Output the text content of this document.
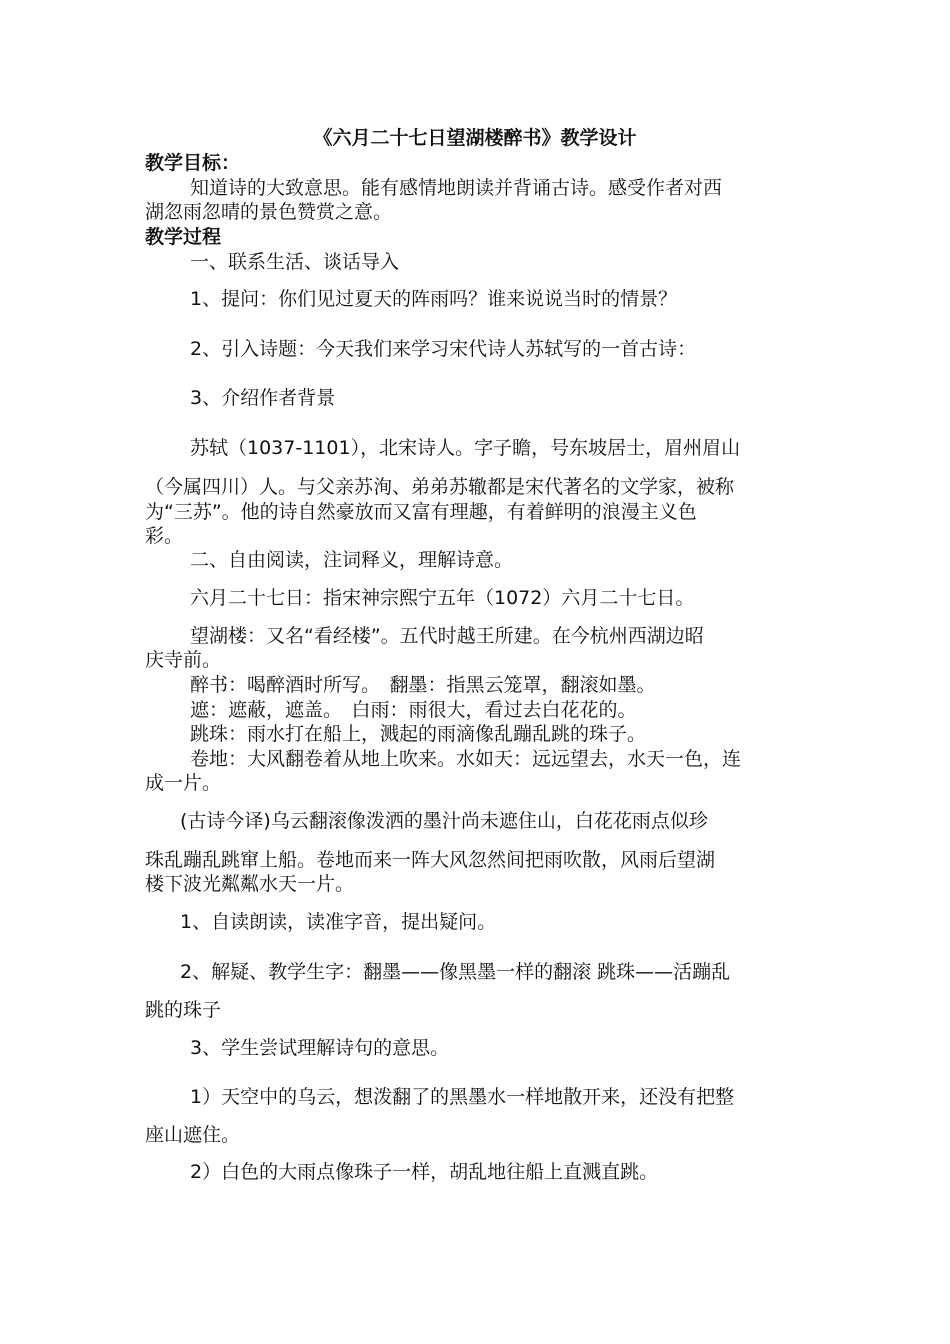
《六月二十七日望湖楼醉书》教学设计
教学目标：
知道诗的大致意思。能有感情地朗读并背诵古诗。感受作者对西
湖忽雨忽晴的景色赞赏之意。
教学过程
一、联系生活、谈话导入
1、提问：你们见过夏天的阵雨吗？谁来说说当时的情景？
2、引入诗题：今天我们来学习宋代诗人苏轼写的一首古诗：
3、介绍作者背景
苏轼（1037-1101），北宋诗人。字子瞻，号东坡居士，眉州眉山
（今属四川）人。与父亲苏洵、弟弟苏辙都是宋代著名的文学家，被称
为“三苏”。他的诗自然豪放而又富有理趣，有着鲜明的浪漫主义色
彩。
二、自由阅读，注词释义，理解诗意。
六月二十七日：指宋神宗熙宁五年（1072）六月二十七日。
望湖楼：又名“看经楼”。五代时越王所建。在今杭州西湖边昭
庆寺前。
醉书：喝醉酒时所写。　翻墨：指黑云笼罩，翻滚如墨。
遮：遮蔽，遮盖。　白雨：雨很大，看过去白花花的。
跳珠：雨水打在船上，溅起的雨滴像乱蹦乱跳的珠子。
卷地：大风翻卷着从地上吹来。水如天：远远望去，水天一色，连
成一片。
(古诗今译)乌云翻滚像泼洒的墨汁尚未遮住山，白花花雨点似珍
珠乱蹦乱跳窜上船。卷地而来一阵大风忽然间把雨吹散，风雨后望湖
楼下波光粼粼水天一片。
1、自读朗读，读准字音，提出疑问。
2、解疑、教学生字：翻墨——像黑墨一样的翻滚 跳珠——活蹦乱
跳的珠子
3、学生尝试理解诗句的意思。
1）天空中的乌云，想泼翻了的黑墨水一样地散开来，还没有把整
座山遮住。
2）白色的大雨点像珠子一样，胡乱地往船上直溅直跳。
